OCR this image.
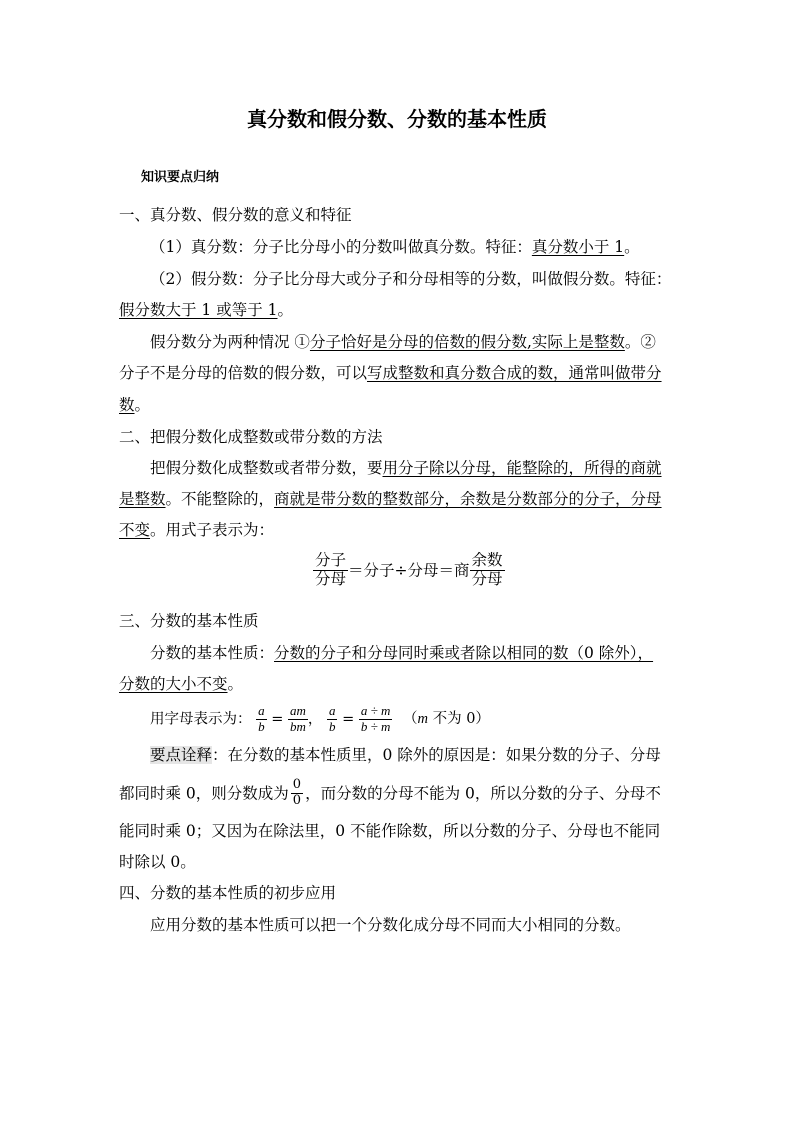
真分数和假分数、分数的基本性质
知识要点归纳
一、真分数、假分数的意义和特征
（1）真分数：分子比分母小的分数叫做真分数。特征：真分数小于 1。
（2）假分数：分子比分母大或分子和分母相等的分数，叫做假分数。特征：
假分数大于 1 或等于 1。
假分数分为两种情况 ①分子恰好是分母的倍数的假分数,实际上是整数。②
分子不是分母的倍数的假分数，可以写成整数和真分数合成的数，通常叫做带分
数。
二、把假分数化成整数或带分数的方法
把假分数化成整数或者带分数，要用分子除以分母，能整除的，所得的商就
是整数。不能整除的，商就是带分数的整数部分，余数是分数部分的分子，分母
不变。用式子表示为：
$\frac{\text{分子}}{\text{分母}}$ ＝分子÷分母＝商 $\frac{\text{余数}}{\text{分母}}$
三、分数的基本性质
分数的基本性质：分数的分子和分母同时乘或者除以相同的数（0 除外），
分数的大小不变。
用字母表示为： $\frac{a}{b} = \frac{am}{bm}$ ， $\frac{a}{b} = \frac{a \div m}{b \div m} (m$ 不为 0）
要点诠释：在分数的基本性质里，0 除外的原因是：如果分数的分子、分母
都同时乘 0，则分数成为 $\frac{0}{0}$ ，而分数的分母不能为 0，所以分数的分子、分母不
能同时乘 0；又因为在除法里，0 不能作除数，所以分数的分子、分母也不能同
时除以 0。
四、分数的基本性质的初步应用
应用分数的基本性质可以把一个分数化成分母不同而大小相同的分数。
